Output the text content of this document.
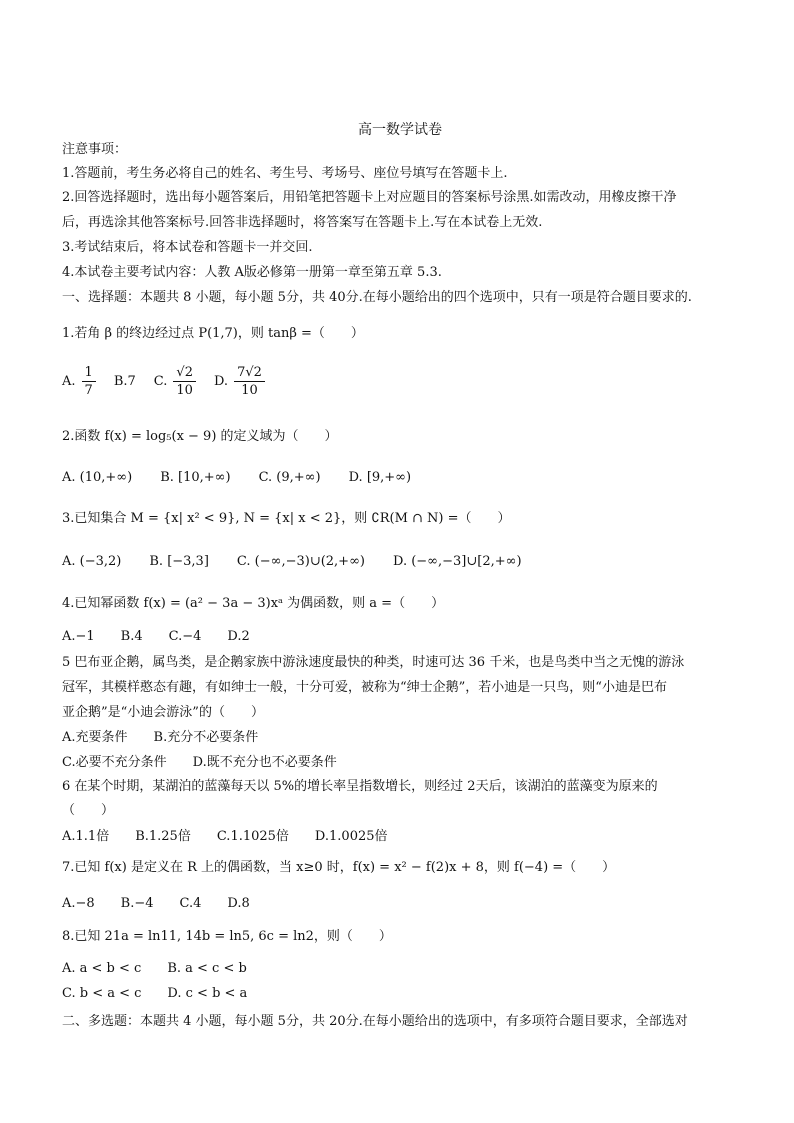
高一数学试卷
注意事项：
1.答题前，考生务必将自己的姓名、考生号、考场号、座位号填写在答题卡上.
2.回答选择题时，选出每小题答案后，用铅笔把答题卡上对应题目的答案标号涂黑.如需改动，用橡皮擦干净
后，再选涂其他答案标号.回答非选择题时，将答案写在答题卡上.写在本试卷上无效.
3.考试结束后，将本试卷和答题卡一并交回.
4.本试卷主要考试内容：人教 A版必修第一册第一章至第五章 5.3.
一、选择题：本题共 8 小题，每小题 5分，共 40分.在每小题给出的四个选项中，只有一项是符合题目要求的.
1.若角 β 的终边经过点 P(1,7)，则 tanβ =（　　）
A. $\frac{1}{7} B.7$ C. $\frac{√2}{10} D$. $\frac{7√2}{10}$
2.函数 f(x) = log₅(x − 9) 的定义域为（　　）
A. (10,+∞) B. [10,+∞) C. (9,+∞) D. [9,+∞)
3.已知集合 M = {x| x² < 9}, N = {x| x < 2}，则 ∁R(M ∩ N) =（　　）
A. (−3,2) B. [−3,3] C. (−∞,−3)∪(2,+∞) D. (−∞,−3]∪[2,+∞)
4.已知幂函数 f(x) = (a² − 3a − 3)xᵃ 为偶函数，则 a =（　　）
A.−1　　B.4　　C.−4　　D.2
5 巴布亚企鹅，属鸟类，是企鹅家族中游泳速度最快的种类，时速可达 36 千米，也是鸟类中当之无愧的游泳
冠军，其模样憨态有趣，有如绅士一般，十分可爱，被称为“绅士企鹅”，若小迪是一只鸟，则“小迪是巴布
亚企鹅”是“小迪会游泳”的（　　）
A.充要条件　　B.充分不必要条件
C.必要不充分条件　　D.既不充分也不必要条件
6 在某个时期，某湖泊的蓝藻每天以 5%的增长率呈指数增长，则经过 2天后，该湖泊的蓝藻变为原来的
（　　）
A.1.1倍　　B.1.25倍　　C.1.1025倍　　D.1.0025倍
7.已知 f(x) 是定义在 R 上的偶函数，当 x≥0 时，f(x) = x² − f(2)x + 8，则 f(−4) =（　　）
A.−8　　B.−4　　C.4　　D.8
8.已知 21a = ln11, 14b = ln5, 6c = ln2，则（　　）
A. a < b < c　　B. a < c < b
C. b < a < c　　D. c < b < a
二、多选题：本题共 4 小题，每小题 5分，共 20分.在每小题给出的选项中，有多项符合题目要求，全部选对
